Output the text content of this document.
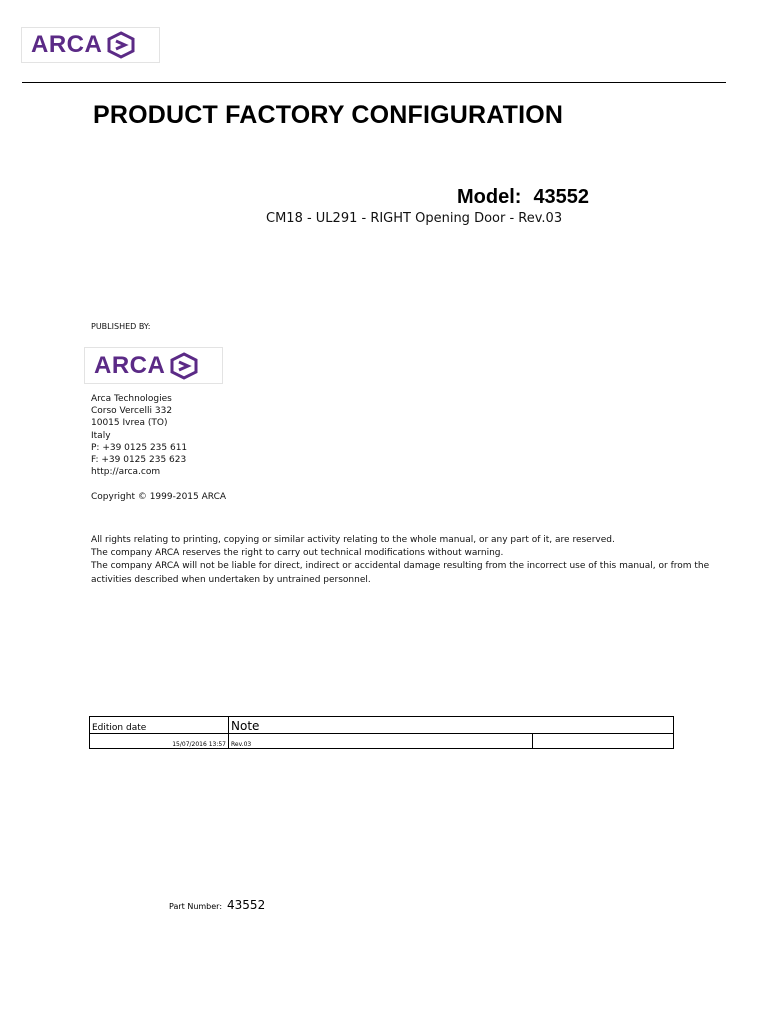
ARCA
PRODUCT FACTORY CONFIGURATION
Model: 43552
CM18 - UL291 - RIGHT Opening Door - Rev.03
PUBLISHED BY:
ARCA
Arca Technologies
Corso Vercelli 332
10015 Ivrea (TO)
Italy
P: +39 0125 235 611
F: +39 0125 235 623
http://arca.com
Copyright © 1999-2015 ARCA
All rights relating to printing, copying or similar activity relating to the whole manual, or any part of it, are reserved.
The company ARCA reserves the right to carry out technical modifications without warning.
The company ARCA will not be liable for direct, indirect or accidental damage resulting from the incorrect use of this manual, or from the
activities described when undertaken by untrained personnel.
Edition date	Note	
15/07/2016 13:57	Rev.03	
Part Number: 43552
